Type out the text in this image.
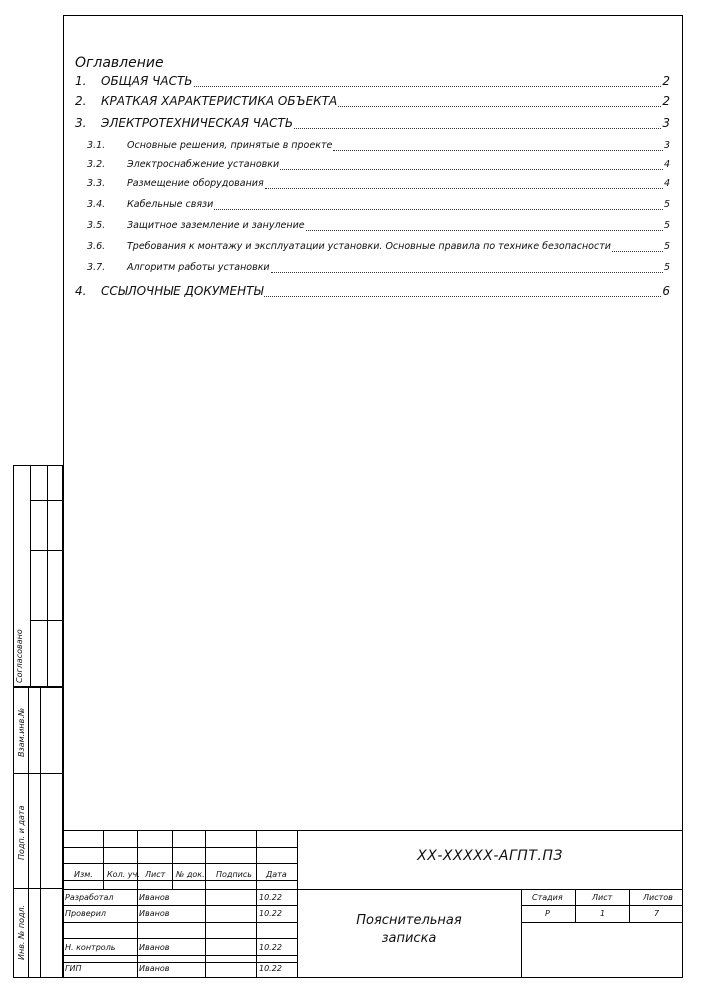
Оглавление
1.	ОБЩАЯ ЧАСТЬ	2
2.	КРАТКАЯ ХАРАКТЕРИСТИКА ОБЪЕКТА	2
3.	ЭЛЕКТРОТЕХНИЧЕСКАЯ ЧАСТЬ	3
3.1.	Основные решения, принятые в проекте	3
3.2.	Электроснабжение установки	4
3.3.	Размещение оборудования	4
3.4.	Кабельные связи	5
3.5.	Защитное заземление и зануление	5
3.6.	Требования к монтажу и эксплуатации установки. Основные правила по технике безопасности	5
3.7.	Алгоритм работы установки	5
4.	ССЫЛОЧНЫЕ ДОКУМЕНТЫ	6
Согласовано
Взам.инв.№
Подп. и дата
Инв. № подл.
Изм. Кол. уч. Лист № док. Подпись Дата
ХХ-ХХХХХ-АГПТ.ПЗ
Пояснительная
записка
Разработал	Иванов	10.22
Проверил	Иванов	10.22
Н. контроль	Иванов	10.22
ГИП	Иванов	10.22
Стадия	Лист	Листов
Р	1	7
